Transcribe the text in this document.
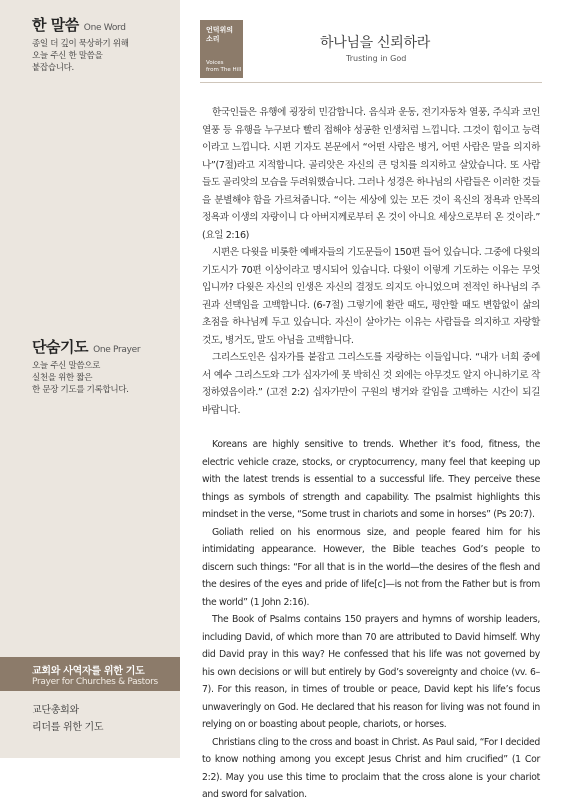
한 말씀 One Word
종일 더 깊이 묵상하기 위해
오늘 주신 한 말씀을
붙잡습니다.
단숨기도 One Prayer
오늘 주신 말씀으로
실천을 위한 짧은
한 문장 기도를 기록합니다.
교회와 사역자를 위한 기도
Prayer for Churches & Pastors
교단총회와
리더를 위한 기도
언덕위의
소리
Voices
from The Hill
하나님을 신뢰하라
Trusting in God

한국인들은 유행에 굉장히 민감합니다. 음식과 운동, 전기자동차 열풍, 주식과 코인 열풍 등 유행을 누구보다 빨리 접해야 성공한 인생처럼 느낍니다. 그것이 힘이고 능력이라고 느낍니다. 시편 기자도 본문에서 “어떤 사람은 병거, 어떤 사람은 말을 의지하나”(7절)라고 지적합니다. 골리앗은 자신의 큰 덩치를 의지하고 살았습니다. 또 사람들도 골리앗의 모습을 두려워했습니다. 그러나 성경은 하나님의 사람들은 이러한 것들을 분별해야 함을 가르쳐줍니다. “이는 세상에 있는 모든 것이 육신의 정욕과 안목의 정욕과 이생의 자랑이니 다 아버지께로부터 온 것이 아니요 세상으로부터 온 것이라.” (요일 2:16)

시편은 다윗을 비롯한 예배자들의 기도문들이 150편 들어 있습니다. 그중에 다윗의 기도시가 70편 이상이라고 명시되어 있습니다. 다윗이 이렇게 기도하는 이유는 무엇입니까? 다윗은 자신의 인생은 자신의 결정도 의지도 아니었으며 전적인 하나님의 주권과 선택임을 고백합니다. (6-7절) 그렇기에 환란 때도, 평안할 때도 변함없이 삶의 초점을 하나님께 두고 있습니다. 자신이 살아가는 이유는 사람들을 의지하고 자랑할 것도, 병거도, 말도 아님을 고백합니다.

그리스도인은 십자가를 붙잡고 그리스도를 자랑하는 이들입니다. “내가 너희 중에서 예수 그리스도와 그가 십자가에 못 박히신 것 외에는 아무것도 알지 아니하기로 작정하였음이라.” (고전 2:2) 십자가만이 구원의 병거와 칼임을 고백하는 시간이 되길 바랍니다.

Koreans are highly sensitive to trends. Whether it’s food, fitness, the electric vehicle craze, stocks, or cryptocurrency, many feel that keeping up with the latest trends is essential to a successful life. They perceive these things as symbols of strength and capability. The psalmist highlights this mindset in the verse, “Some trust in chariots and some in horses” (Ps 20:7).

Goliath relied on his enormous size, and people feared him for his intimidating appearance. However, the Bible teaches God’s people to discern such things: “For all that is in the world—the desires of the flesh and the desires of the eyes and pride of life[c]—is not from the Father but is from the world” (1 John 2:16).

The Book of Psalms contains 150 prayers and hymns of worship leaders, including David, of which more than 70 are attributed to David himself. Why did David pray in this way? He confessed that his life was not governed by his own decisions or will but entirely by God’s sovereignty and choice (vv. 6–7). For this reason, in times of trouble or peace, David kept his life’s focus unwaveringly on God. He declared that his reason for living was not found in relying on or boasting about people, chariots, or horses.

Christians cling to the cross and boast in Christ. As Paul said, “For I decided to know nothing among you except Jesus Christ and him crucified” (1 Cor 2:2). May you use this time to proclaim that the cross alone is your chariot and sword for salvation.
